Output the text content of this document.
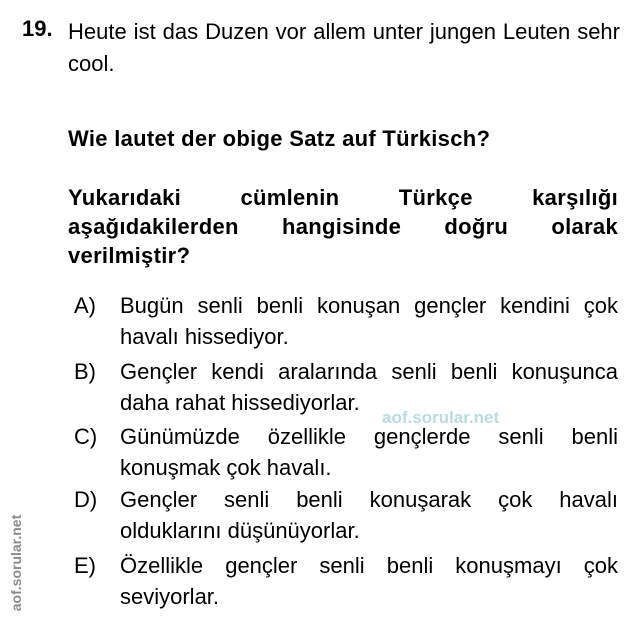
19. Heute ist das Duzen vor allem unter jungen Leuten sehr cool.
Wie lautet der obige Satz auf Türkisch?
Yukarıdaki cümlenin Türkçe karşılığı aşağıdakilerden hangisinde doğru olarak verilmiştir?
A) Bugün senli benli konuşan gençler kendini çok havalı hissediyor.
B) Gençler kendi aralarında senli benli konuşunca daha rahat hissediyorlar.
C) Günümüzde özellikle gençlerde senli benli konuşmak çok havalı.
D) Gençler senli benli konuşarak çok havalı olduklarını düşünüyorlar.
E) Özellikle gençler senli benli konuşmayı çok seviyorlar.
aof.sorular.net
aof.sorular.net
